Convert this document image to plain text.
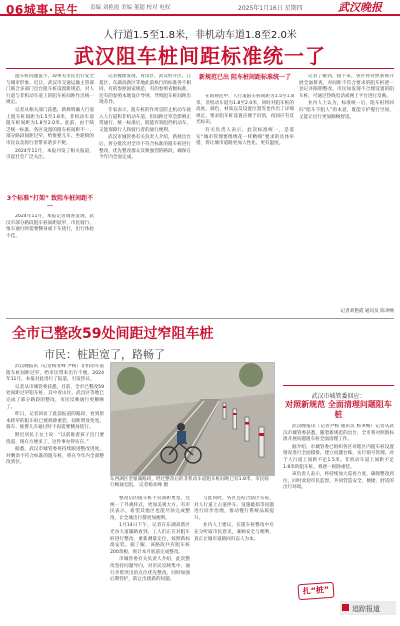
06城事·民生 责编 刘艳霞 美编 董超 校对 电权	2025年1月16日 星期四	武汉晚报
人行道1.5至1.8米，非机动车道1.8至2.0米
武汉阻车桩间距标准统一了

阻车桩问题虽小，却事关市民出行安全与城市形象。近日，武汉市交通运输主管部门联合多部门出台阻车桩设置新规范，对人行道与非机动车道上的阻车桩间距作出统一规定。

记者从相关部门获悉，新规明确人行道上阻车桩间距为1.5至1.8米，非机动车道阻车桩间距为1.8至2.0米。此前，由于缺乏统一标准，各区设置的阻车桩间距不一，部分路段间距过窄，给推婴儿车、坐轮椅的市民以及骑行者带来诸多不便。

2024年11月，本报刊发了相关报道，引起社会广泛关注。

3个标准“打架” 致阻车桩间距不一

2024年11月，本报记者调查发现，武汉市部分路段阻车桩间距较窄，市民骑行、推车通行时需要侧身或下车绕行，出行体验不佳。

记者梳理发现，青山区、武汉经开区、江夏区、东湖高新区等地此前执行的标准各不相同，有的参照国家规范，有的参照省级标准，还有的参照本地设计导则，导致阻车桩间距出现差异。

专家表示，阻车桩的作用是防止机动车驶入人行道和非机动车道，但间距过窄会影响正常通行。统一标准后，既能有效阻挡机动车，又能保障行人和骑行者的通行便利。

武汉市城管委有关负责人介绍，新规出台后，将分批次对全市不符合标准的阻车桩进行整改，优先整改群众反映强烈的路段，确保在今年内全面完成。

新规范已出 阻车桩间距标准统一了

在新规范中，人行道阻车桩间距为1.5至1.8米，非机动车道为1.8至2.0米，同时对阻车桩的高度、颜色、材质以及设置位置等也作出了详细规定，要求阻车桩设置应便于识别，夜间应有反光标识。

有关负责人表示，此次标准统一，是落实“城市管理要像绣花一样精细”要求的具体举措，将让城市道路更加人性化、更有温度。

记者了解到，接下来，各区将对照新规开展全面排查，对间距不符合要求的阻车桩逐一登记并限期整改。市民如发现不合理设置的阻车桩，可通过热线电话或网上平台进行反映。

业内人士认为，标准统一后，阻车桩将回归“阻车不阻人”的本意，既能守护慢行空间，又能让出行更加顺畅舒适。

记者刘艳霞 通讯员 陈聿畅
全市已整改59处间距过窄阻车桩
市民：桩距宽了，路畅了

武汉晚报讯（记者杨亚峰 尹杨）非机动车道阻车桩间距过窄，给市民带来出行不便。2024年11月，本报对此进行了报道，引发热议。

记者从市城管委获悉，目前，全市已整改59处间距过窄阻车桩，其中青山区、武昌区等地已完成了部分路段的整改，市民反映通行更顺畅了。

昨日，记者回访了此前报道的路段，看到原本狭窄的阻车桩已被拆除重装，间距明显变宽，骑车、推婴儿车通过时不再需要侧身绕行。

附近居民王女士说：“以前推着孩子出门要绕道，现在方便多了，这件事办得实在。”

据悉，武汉市城管委将持续跟进整改进度，对剩余不符合标准的阻车桩，将在今年内全部整改到位。

东西湖区金银湖路段，经过整改后的非机动车道阻车桩间距已有1.8米，市民骑行畅通无阻。 记者杨亚峰 摄

整改后的阻车桩不仅间距更宽，还统一了外观样式，更加美观大方。有市民表示，希望其他区也能尽快完成整改，让全城出行都更加便利。

1月14日下午，记者在东湖高新区光谷大道辅路看到，工人们正在对阻车桩进行整改，重新测量定位，按照新标准安装。据了解，该路段共有阻车桩200余根，预计本月底前完成整改。

市城管委有关负责人介绍，此次整改坚持问题导向，对市民反映集中、通行矛盾突出的点位优先整改，同时加强后期管护，防止出现新的问题。

与此同时，各区还结合辖区实际，对人行道上占道停车、设施破损等问题进行同步治理，推动慢行系统品质提升。

业内人士建议，在阻车桩整改中应充分听取市民意见，兼顾安全与便利，真正让城市道路回归以人为本。

武汉市城管委回应：
对照新规范 全面清理问题阻车桩

武汉晚报讯（记者尹杨 通讯员 杨聿畅）记者从武汉市城管委获悉，随着新规范的出台，全市将对照新标准开展问题阻车桩全面清理工作。

据介绍，市城管委已组织各区对辖区内阻车桩设置情况进行全面摸排，建立问题台账，实行销号管理。对于人行道上间距不足1.5米、非机动车道上间距不足1.8米的阻车桩，将逐一拆除重装。

该负责人表示，将持续加大巡查力度，确保整改到位，同时欢迎市民监督，共同营造安全、便捷、舒适的出行环境。

扎“桩”
追踪报道
